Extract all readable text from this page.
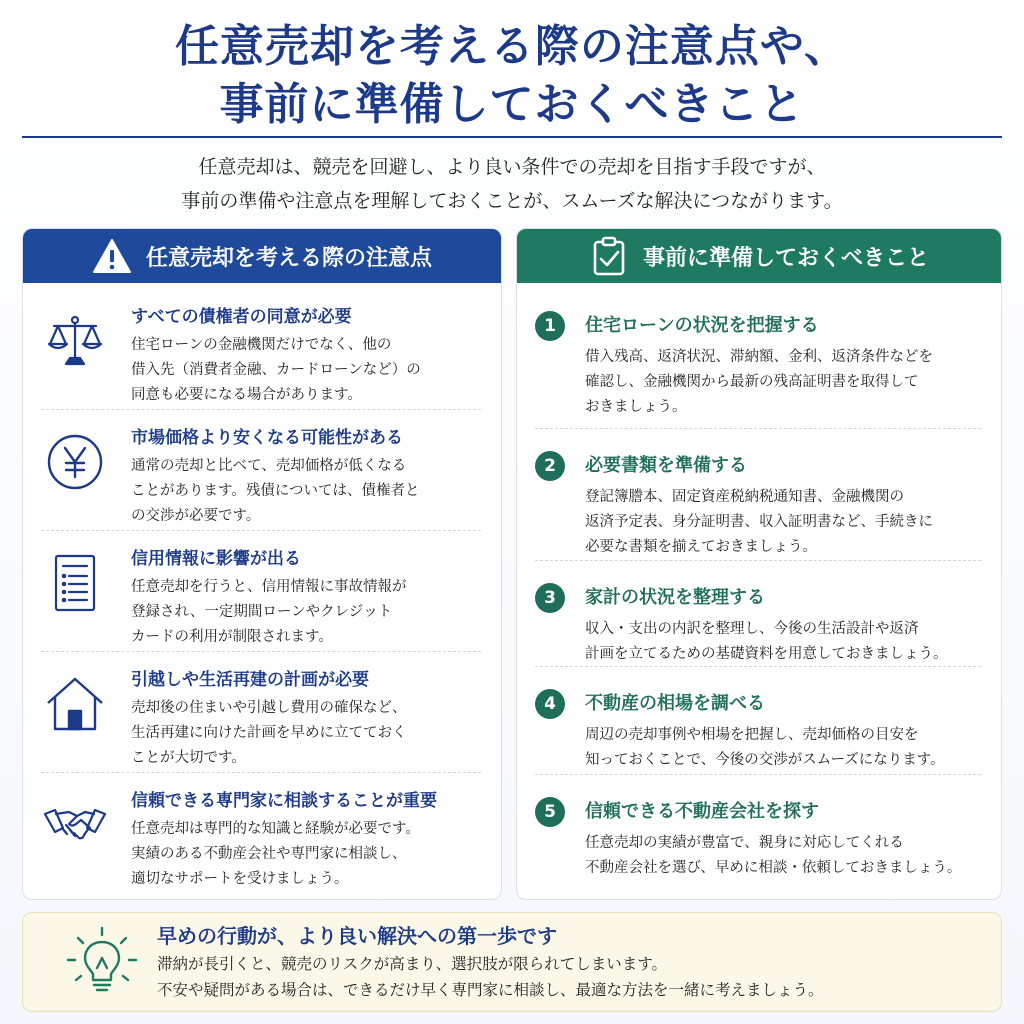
任意売却を考える際の注意点や、
事前に準備しておくべきこと
任意売却は、競売を回避し、より良い条件での売却を目指す手段ですが、
事前の準備や注意点を理解しておくことが、スムーズな解決につながります。
任意売却を考える際の注意点
すべての債権者の同意が必要
住宅ローンの金融機関だけでなく、他の
借入先（消費者金融、カードローンなど）の
同意も必要になる場合があります。
市場価格より安くなる可能性がある
通常の売却と比べて、売却価格が低くなる
ことがあります。残債については、債権者と
の交渉が必要です。
信用情報に影響が出る
任意売却を行うと、信用情報に事故情報が
登録され、一定期間ローンやクレジット
カードの利用が制限されます。
引越しや生活再建の計画が必要
売却後の住まいや引越し費用の確保など、
生活再建に向けた計画を早めに立てておく
ことが大切です。
信頼できる専門家に相談することが重要
任意売却は専門的な知識と経験が必要です。
実績のある不動産会社や専門家に相談し、
適切なサポートを受けましょう。
事前に準備しておくべきこと
1	住宅ローンの状況を把握する
借入残高、返済状況、滞納額、金利、返済条件などを
確認し、金融機関から最新の残高証明書を取得して
おきましょう。
2	必要書類を準備する
登記簿謄本、固定資産税納税通知書、金融機関の
返済予定表、身分証明書、収入証明書など、手続きに
必要な書類を揃えておきましょう。
3	家計の状況を整理する
収入・支出の内訳を整理し、今後の生活設計や返済
計画を立てるための基礎資料を用意しておきましょう。
4	不動産の相場を調べる
周辺の売却事例や相場を把握し、売却価格の目安を
知っておくことで、今後の交渉がスムーズになります。
5	信頼できる不動産会社を探す
任意売却の実績が豊富で、親身に対応してくれる
不動産会社を選び、早めに相談・依頼しておきましょう。
早めの行動が、より良い解決への第一歩です
滞納が長引くと、競売のリスクが高まり、選択肢が限られてしまいます。
不安や疑問がある場合は、できるだけ早く専門家に相談し、最適な方法を一緒に考えましょう。
